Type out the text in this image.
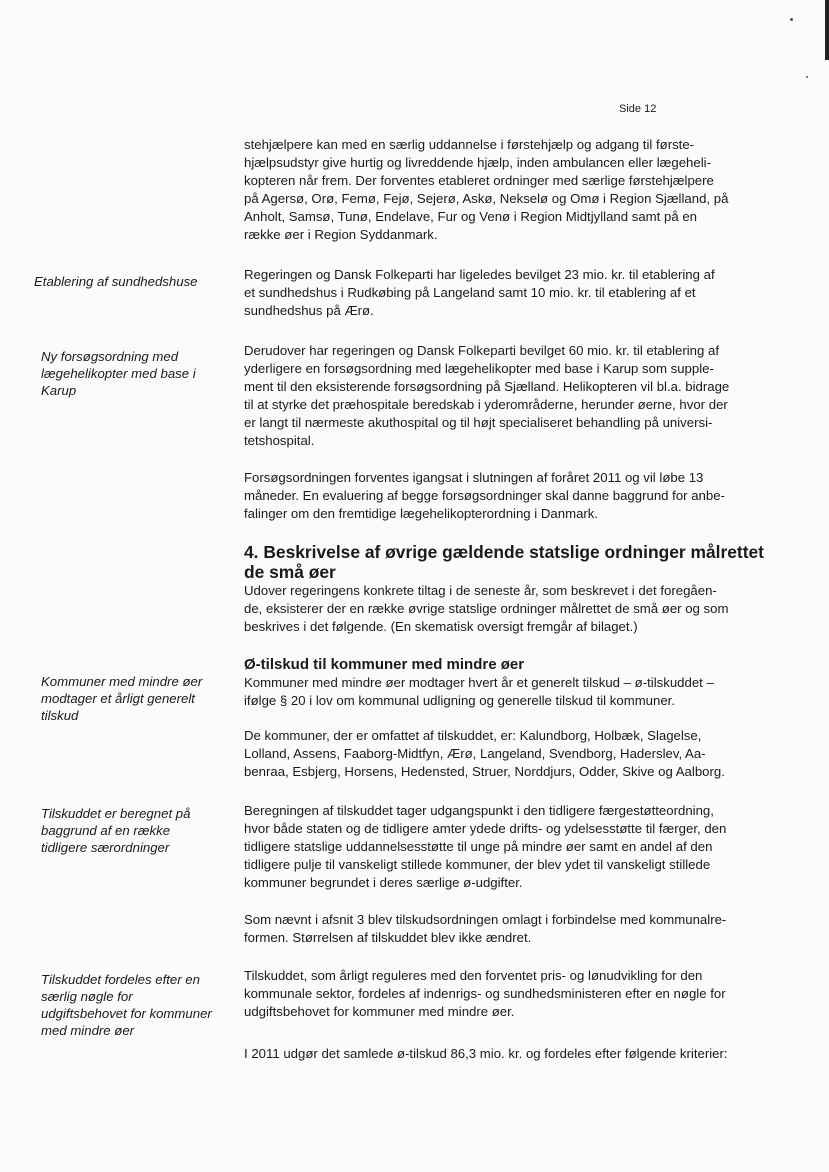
Side 12
stehjælpere kan med en særlig uddannelse i førstehjælp og adgang til første-
hjælpsudstyr give hurtig og livreddende hjælp, inden ambulancen eller lægeheli-
kopteren når frem. Der forventes etableret ordninger med særlige førstehjælpere
på Agersø, Orø, Femø, Fejø, Sejerø, Askø, Nekselø og Omø i Region Sjælland, på
Anholt, Samsø, Tunø, Endelave, Fur og Venø i Region Midtjylland samt på en
række øer i Region Syddanmark.
Etablering af sundhedshuse	Regeringen og Dansk Folkeparti har ligeledes bevilget 23 mio. kr. til etablering af
et sundhedshus i Rudkøbing på Langeland samt 10 mio. kr. til etablering af et
sundhedshus på Ærø.
Ny forsøgsordning med
lægehelikopter med base i
Karup
Derudover har regeringen og Dansk Folkeparti bevilget 60 mio. kr. til etablering af
yderligere en forsøgsordning med lægehelikopter med base i Karup som supple-
ment til den eksisterende forsøgsordning på Sjælland. Helikopteren vil bl.a. bidrage
til at styrke det præhospitale beredskab i yderområderne, herunder øerne, hvor der
er langt til nærmeste akuthospital og til højt specialiseret behandling på universi-
tetshospital.
Forsøgsordningen forventes igangsat i slutningen af foråret 2011 og vil løbe 13
måneder. En evaluering af begge forsøgsordninger skal danne baggrund for anbe-
falinger om den fremtidige lægehelikopterordning i Danmark.
4. Beskrivelse af øvrige gældende statslige ordninger målrettet
de små øer
Udover regeringens konkrete tiltag i de seneste år, som beskrevet i det foregåen-
de, eksisterer der en række øvrige statslige ordninger målrettet de små øer og som
beskrives i det følgende. (En skematisk oversigt fremgår af bilaget.)
Ø-tilskud til kommuner med mindre øer
Kommuner med mindre øer
modtager et årligt generelt
tilskud
Kommuner med mindre øer modtager hvert år et generelt tilskud – ø-tilskuddet –
ifølge § 20 i lov om kommunal udligning og generelle tilskud til kommuner.
De kommuner, der er omfattet af tilskuddet, er: Kalundborg, Holbæk, Slagelse,
Lolland, Assens, Faaborg-Midtfyn, Ærø, Langeland, Svendborg, Haderslev, Aa-
benraa, Esbjerg, Horsens, Hedensted, Struer, Norddjurs, Odder, Skive og Aalborg.
Tilskuddet er beregnet på
baggrund af en række
tidligere særordninger
Beregningen af tilskuddet tager udgangspunkt i den tidligere færgestøtteordning,
hvor både staten og de tidligere amter ydede drifts- og ydelsesstøtte til færger, den
tidligere statslige uddannelsesstøtte til unge på mindre øer samt en andel af den
tidligere pulje til vanskeligt stillede kommuner, der blev ydet til vanskeligt stillede
kommuner begrundet i deres særlige ø-udgifter.
Som nævnt i afsnit 3 blev tilskudsordningen omlagt i forbindelse med kommunalre-
formen. Størrelsen af tilskuddet blev ikke ændret.
Tilskuddet fordeles efter en
særlig nøgle for
udgiftsbehovet for kommuner
med mindre øer
Tilskuddet, som årligt reguleres med den forventet pris- og lønudvikling for den
kommunale sektor, fordeles af indenrigs- og sundhedsministeren efter en nøgle for
udgiftsbehovet for kommuner med mindre øer.
I 2011 udgør det samlede ø-tilskud 86,3 mio. kr. og fordeles efter følgende kriterier:
